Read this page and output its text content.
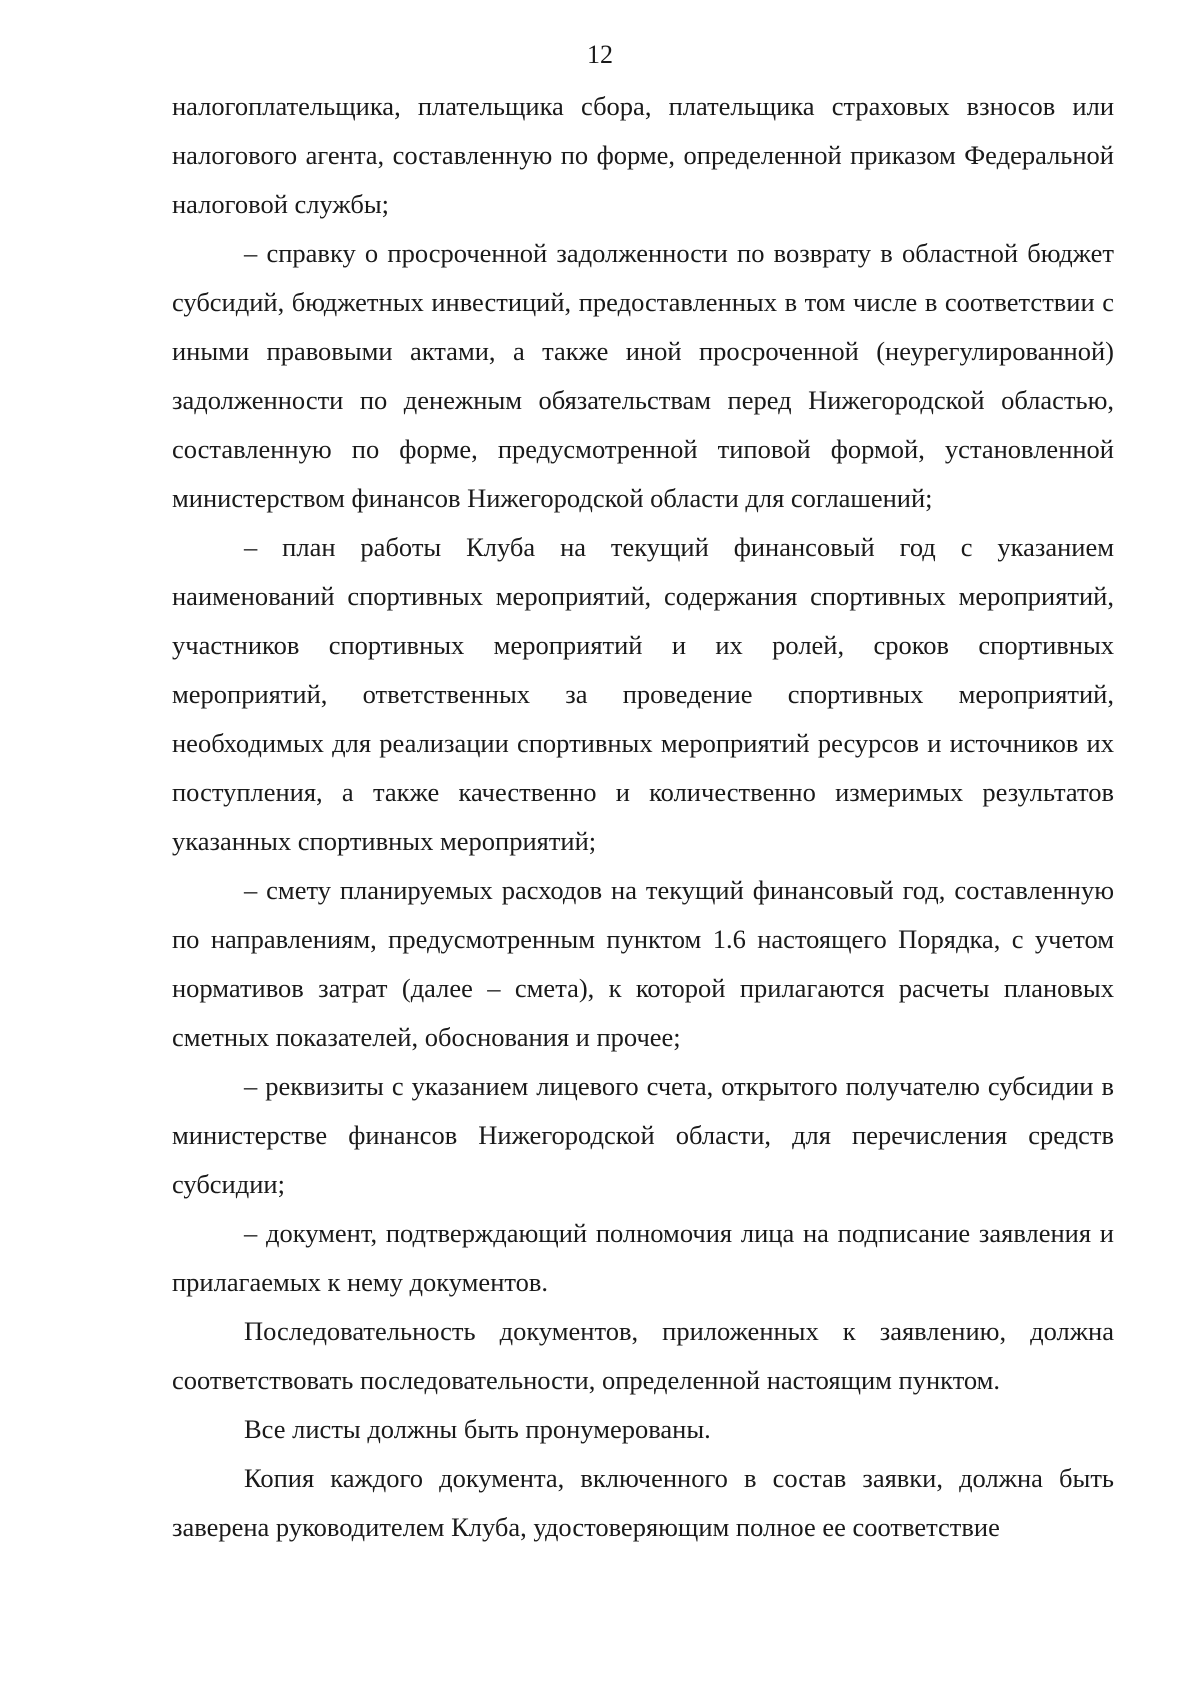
12

налогоплательщика, плательщика сбора, плательщика страховых взносов или налогового агента, составленную по форме, определенной приказом Федеральной налоговой службы;

– справку о просроченной задолженности по возврату в областной бюджет субсидий, бюджетных инвестиций, предоставленных в том числе в соответствии с иными правовыми актами, а также иной просроченной (неурегулированной) задолженности по денежным обязательствам перед Нижегородской областью, составленную по форме, предусмотренной типовой формой, установленной министерством финансов Нижегородской области для соглашений;

– план работы Клуба на текущий финансовый год с указанием наименований спортивных мероприятий, содержания спортивных мероприятий, участников спортивных мероприятий и их ролей, сроков спортивных мероприятий, ответственных за проведение спортивных мероприятий, необходимых для реализации спортивных мероприятий ресурсов и источников их поступления, а также качественно и количественно измеримых результатов указанных спортивных мероприятий;

– смету планируемых расходов на текущий финансовый год, составленную по направлениям, предусмотренным пунктом 1.6 настоящего Порядка, с учетом нормативов затрат (далее – смета), к которой прилагаются расчеты плановых сметных показателей, обоснования и прочее;

– реквизиты с указанием лицевого счета, открытого получателю субсидии в министерстве финансов Нижегородской области, для перечисления средств субсидии;

– документ, подтверждающий полномочия лица на подписание заявления и прилагаемых к нему документов.

Последовательность документов, приложенных к заявлению, должна соответствовать последовательности, определенной настоящим пунктом.

Все листы должны быть пронумерованы.

Копия каждого документа, включенного в состав заявки, должна быть заверена руководителем Клуба, удостоверяющим полное ее соответствие
